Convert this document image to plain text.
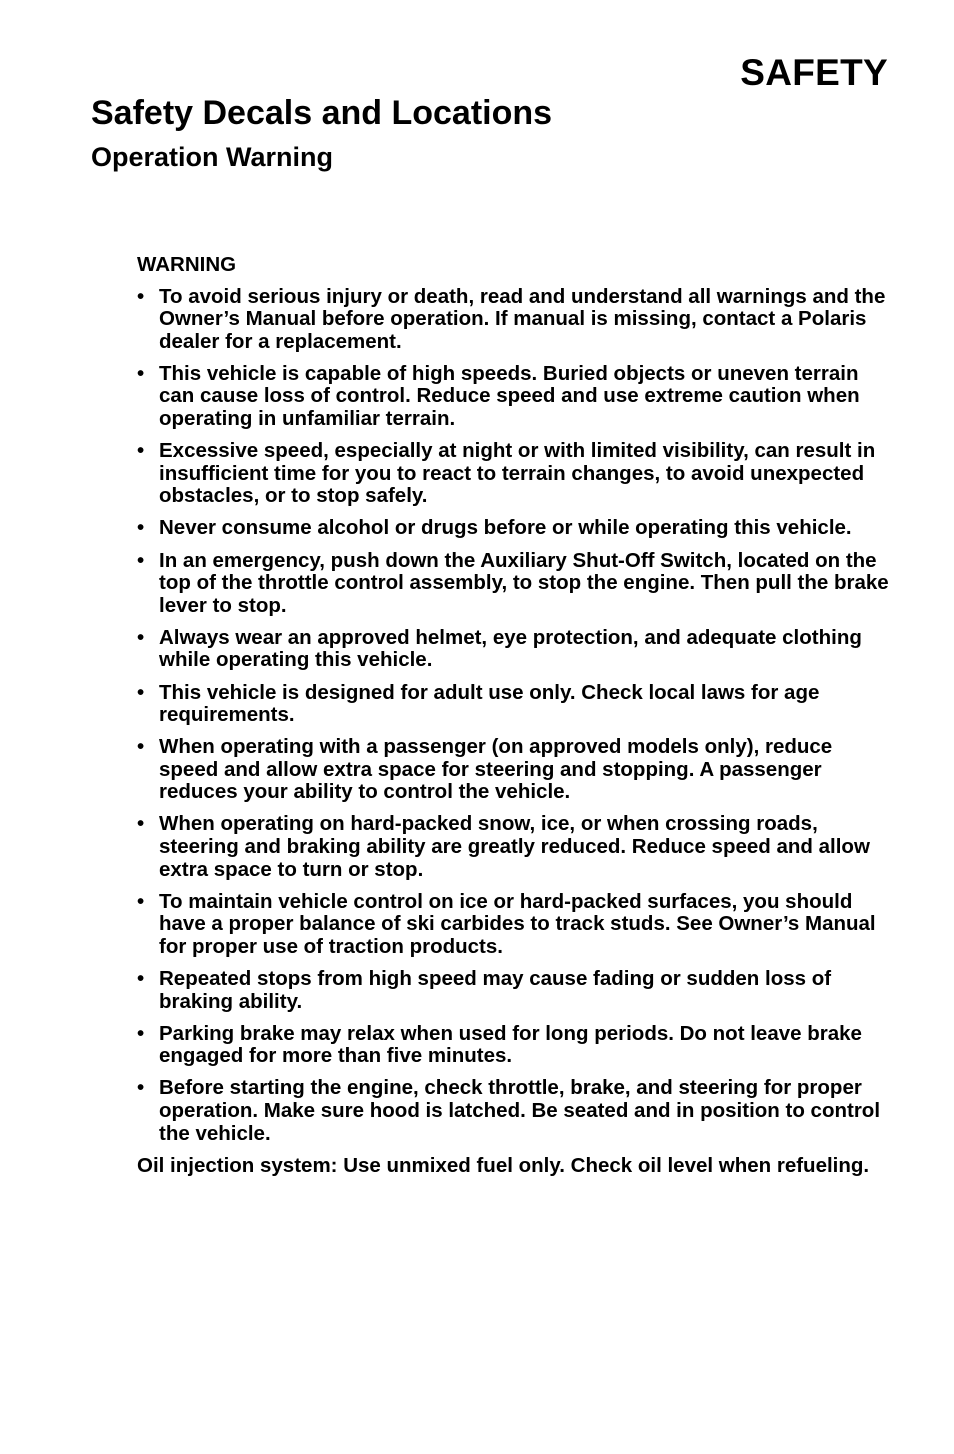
SAFETY
Safety Decals and Locations
Operation Warning
WARNING
• To avoid serious injury or death, read and understand all warnings and the Owner’s Manual before operation. If manual is missing, contact a Polaris dealer for a replacement.
• This vehicle is capable of high speeds. Buried objects or uneven terrain can cause loss of control. Reduce speed and use extreme caution when operating in unfamiliar terrain.
• Excessive speed, especially at night or with limited visibility, can result in insufficient time for you to react to terrain changes, to avoid unexpected obstacles, or to stop safely.
• Never consume alcohol or drugs before or while operating this vehicle.
• In an emergency, push down the Auxiliary Shut-Off Switch, located on the top of the throttle control assembly, to stop the engine. Then pull the brake lever to stop.
• Always wear an approved helmet, eye protection, and adequate clothing while operating this vehicle.
• This vehicle is designed for adult use only. Check local laws for age requirements.
• When operating with a passenger (on approved models only), reduce speed and allow extra space for steering and stopping. A passenger reduces your ability to control the vehicle.
• When operating on hard-packed snow, ice, or when crossing roads, steering and braking ability are greatly reduced. Reduce speed and allow extra space to turn or stop.
• To maintain vehicle control on ice or hard-packed surfaces, you should have a proper balance of ski carbides to track studs. See Owner’s Manual for proper use of traction products.
• Repeated stops from high speed may cause fading or sudden loss of braking ability.
• Parking brake may relax when used for long periods. Do not leave brake engaged for more than five minutes.
• Before starting the engine, check throttle, brake, and steering for proper operation. Make sure hood is latched. Be seated and in position to control the vehicle.

Oil injection system: Use unmixed fuel only. Check oil level when refueling.
